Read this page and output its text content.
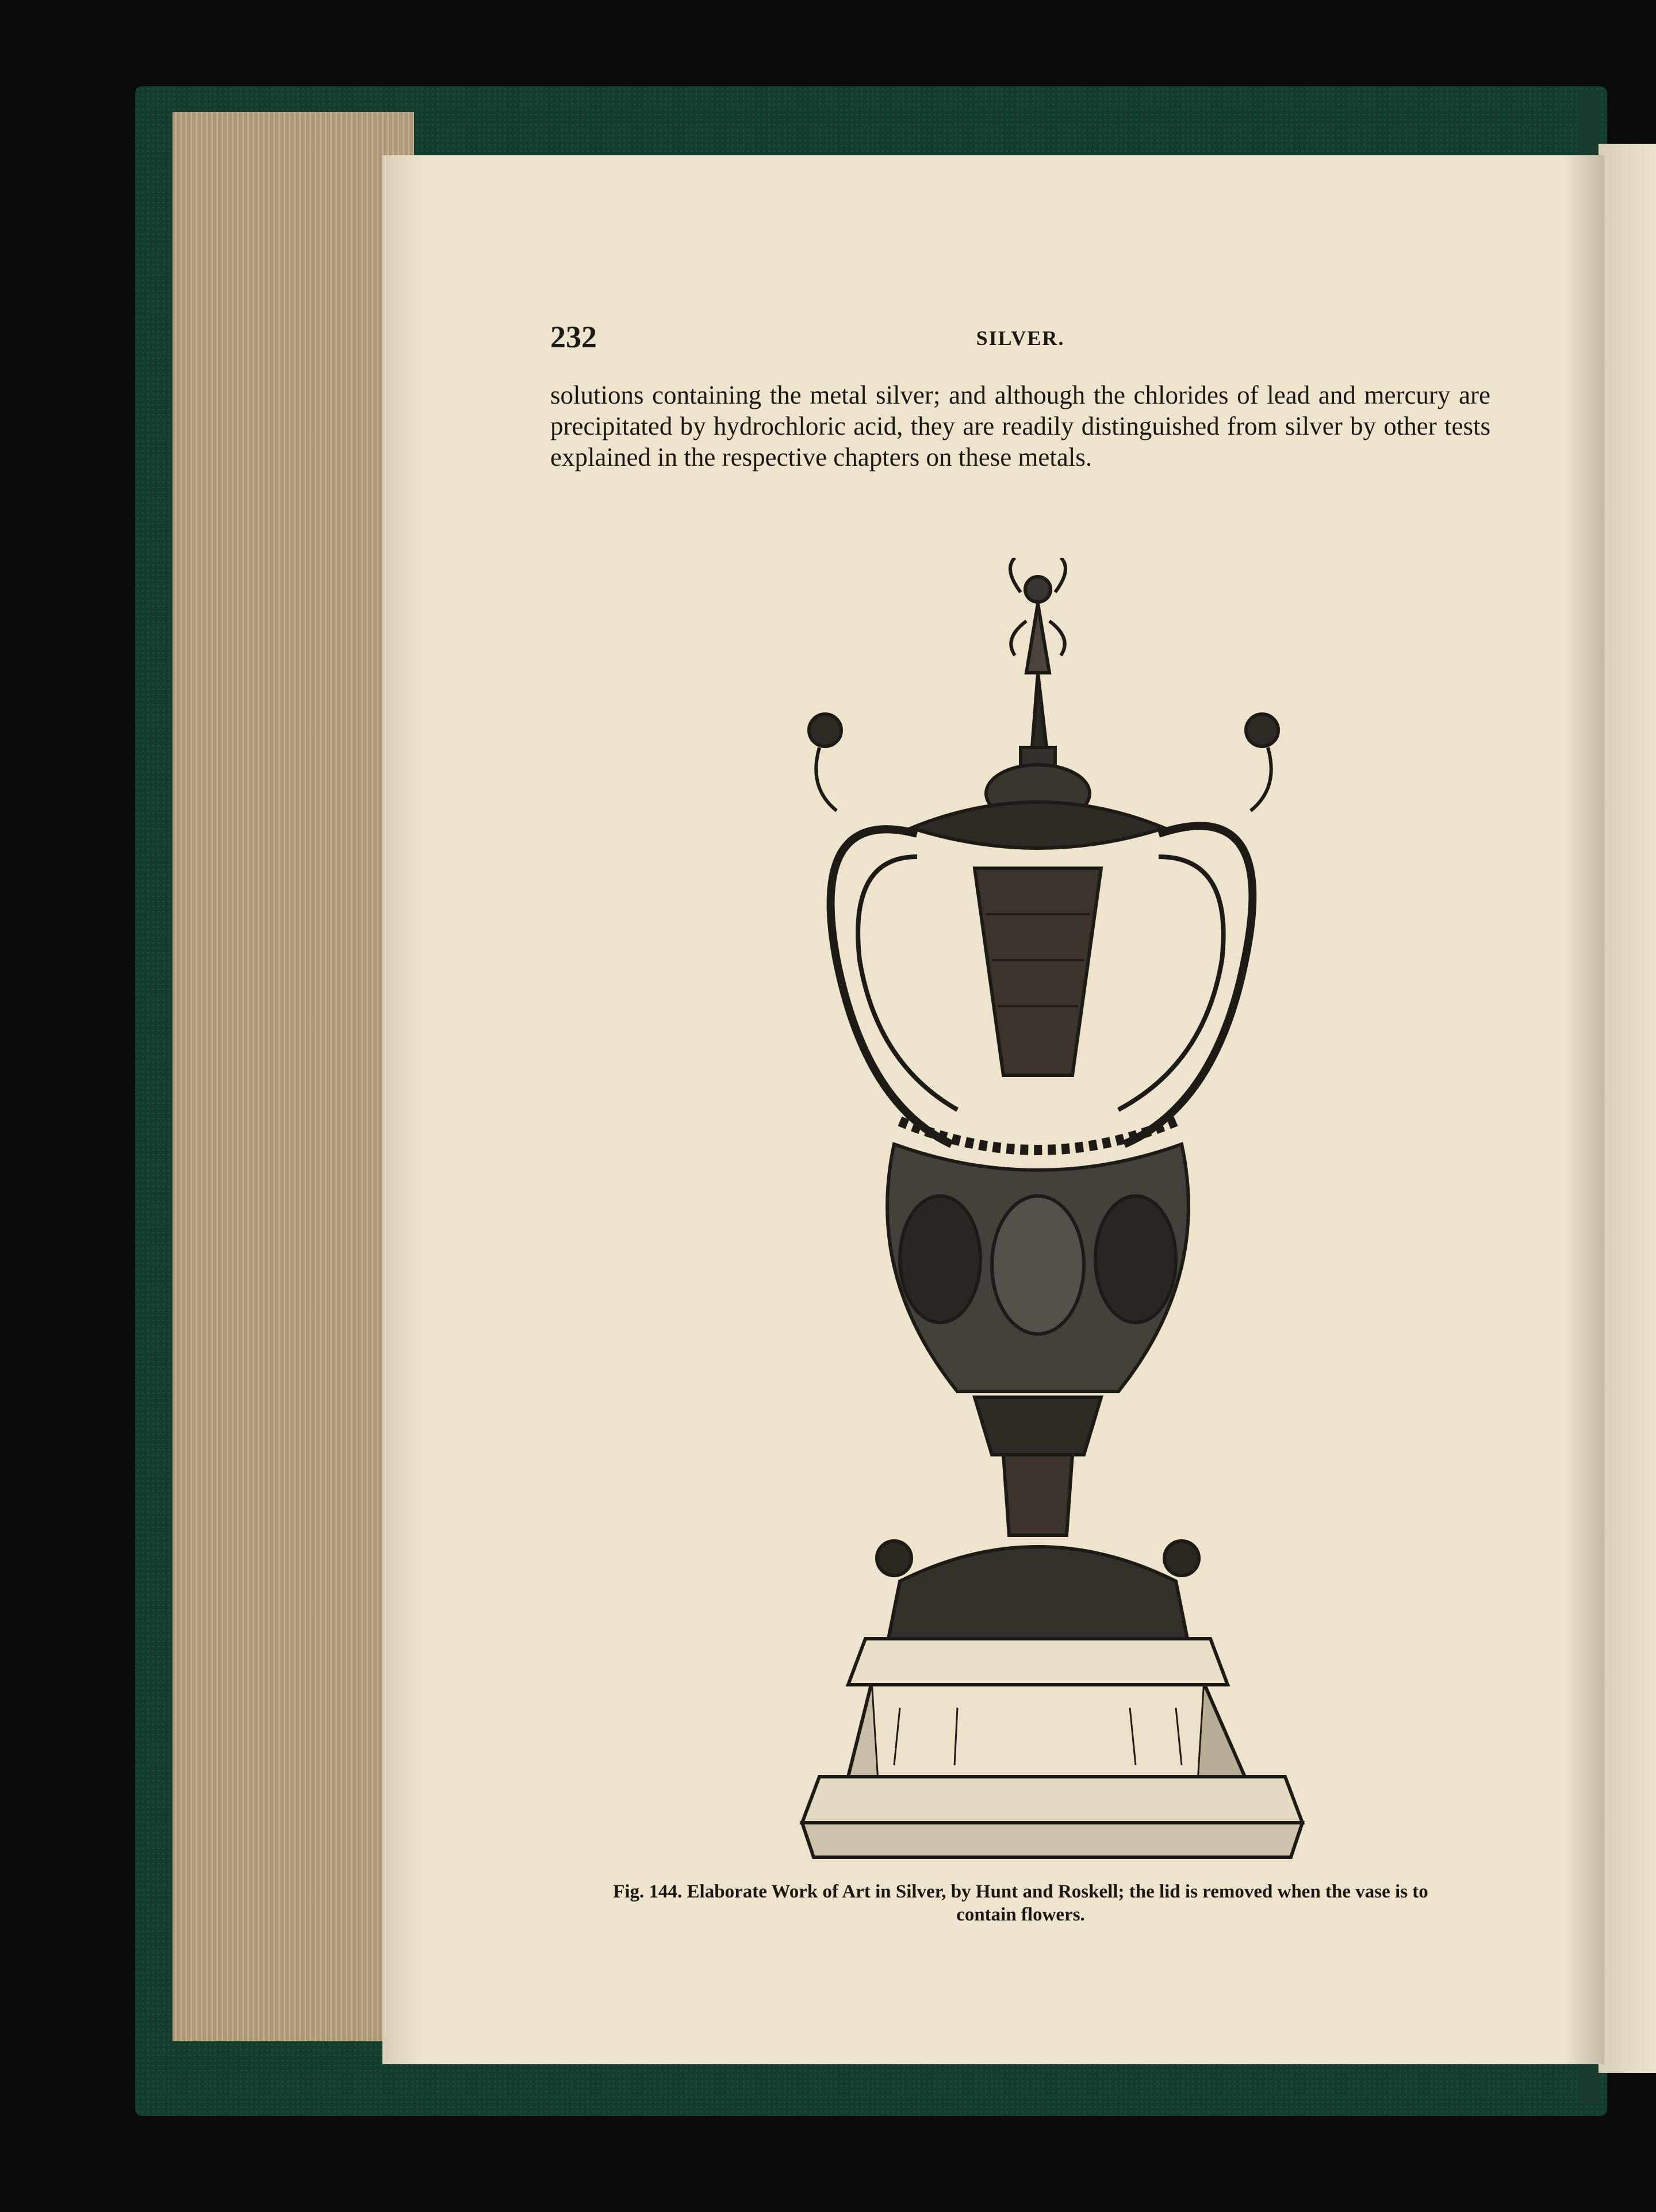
232	SILVER.

solutions containing the metal silver; and although the chlorides of lead and mercury are precipitated by hydrochloric acid, they are readily distinguished from silver by other tests explained in the respective chapters on these metals.

Fig. 144. Elaborate Work of Art in Silver, by Hunt and Roskell; the lid is removed when the vase is to contain flowers.
